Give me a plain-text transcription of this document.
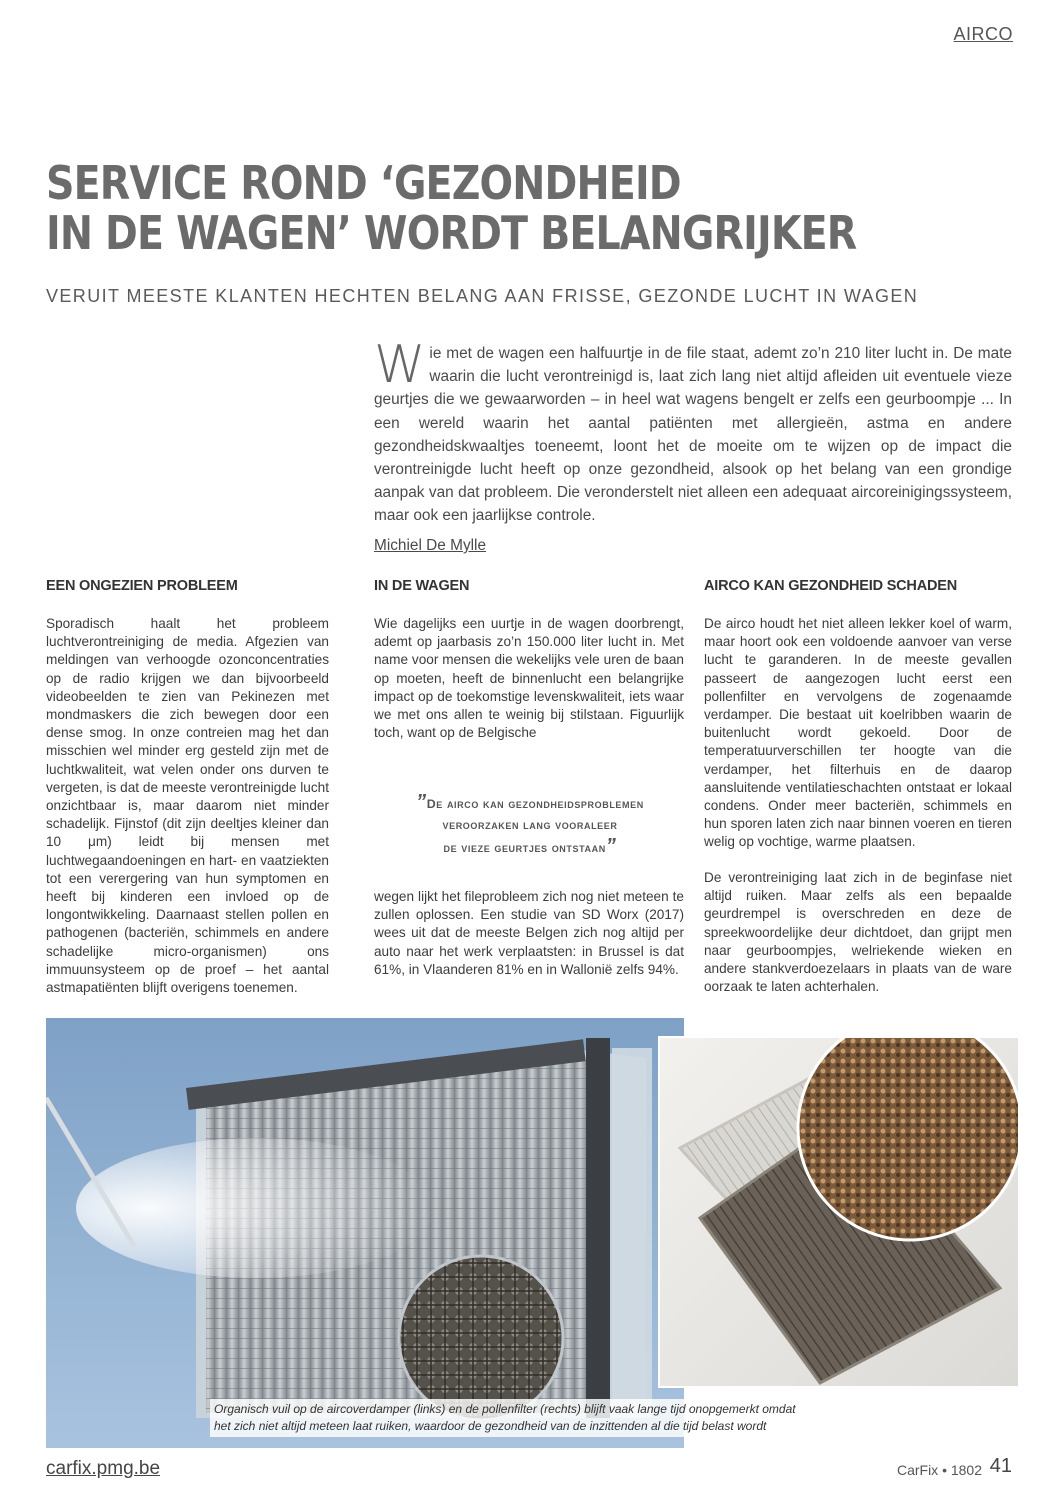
AIRCO
SERVICE ROND ‘GEZONDHEID
IN DE WAGEN’ WORDT BELANGRIJKER
VERUIT MEESTE KLANTEN HECHTEN BELANG AAN FRISSE, GEZONDE LUCHT IN WAGEN
W ie met de wagen een halfuurtje in de file staat, ademt zo’n 210 liter lucht in. De mate waarin die lucht verontreinigd is, laat zich lang niet altijd afleiden uit eventuele vieze geurtjes die we gewaarworden – in heel wat wagens bengelt er zelfs een geurboompje ... In een wereld waarin het aantal patiënten met allergieën, astma en andere gezondheidskwaaltjes toeneemt, loont het de moeite om te wijzen op de impact die verontreinigde lucht heeft op onze gezondheid, alsook op het belang van een grondige aanpak van dat probleem. Die veronderstelt niet alleen een adequaat aircoreinigingssysteem, maar ook een jaarlijkse controle.
Michiel De Mylle
EEN ONGEZIEN PROBLEEM
Sporadisch haalt het probleem luchtverontreiniging de media. Afgezien van meldingen van verhoogde ozonconcentraties op de radio krijgen we dan bijvoorbeeld videobeelden te zien van Pekinezen met mondmaskers die zich bewegen door een dense smog. In onze contreien mag het dan misschien wel minder erg gesteld zijn met de luchtkwaliteit, wat velen onder ons durven te vergeten, is dat de meeste verontreinigde lucht onzichtbaar is, maar daarom niet minder schadelijk. Fijnstof (dit zijn deeltjes kleiner dan 10 μm) leidt bij mensen met luchtwegaandoeningen en hart- en vaatziekten tot een verergering van hun symptomen en heeft bij kinderen een invloed op de longontwikkeling. Daarnaast stellen pollen en pathogenen (bacteriën, schimmels en andere schadelijke micro-organismen) ons immuunsysteem op de proef – het aantal astmapatiënten blijft overigens toenemen.
IN DE WAGEN
Wie dagelijks een uurtje in de wagen doorbrengt, ademt op jaarbasis zo’n 150.000 liter lucht in. Met name voor mensen die wekelijks vele uren de baan op moeten, heeft de binnenlucht een belangrijke impact op de toekomstige levenskwaliteit, iets waar we met ons allen te weinig bij stilstaan. Figuurlijk toch, want op de Belgische
”De airco kan gezondheidsproblemen
veroorzaken lang vooraleer
de vieze geurtjes ontstaan”
wegen lijkt het fileprobleem zich nog niet meteen te zullen oplossen. Een studie van SD Worx (2017) wees uit dat de meeste Belgen zich nog altijd per auto naar het werk verplaatsten: in Brussel is dat 61%, in Vlaanderen 81% en in Wallonië zelfs 94%.
AIRCO KAN GEZONDHEID SCHADEN
De airco houdt het niet alleen lekker koel of warm, maar hoort ook een voldoende aanvoer van verse lucht te garanderen. In de meeste gevallen passeert de aangezogen lucht eerst een pollenfilter en vervolgens de zogenaamde verdamper. Die bestaat uit koelribben waarin de buitenlucht wordt gekoeld. Door de temperatuurverschillen ter hoogte van die verdamper, het filterhuis en de daarop aansluitende ventilatieschachten ontstaat er lokaal condens. Onder meer bacteriën, schimmels en hun sporen laten zich naar binnen voeren en tieren welig op vochtige, warme plaatsen.
De verontreiniging laat zich in de beginfase niet altijd ruiken. Maar zelfs als een bepaalde geurdrempel is overschreden en deze de spreekwoordelijke deur dichtdoet, dan grijpt men naar geurboompjes, welriekende wieken en andere stankverdoezelaars in plaats van de ware oorzaak te laten achterhalen.
Organisch vuil op de aircoverdamper (links) en de pollenfilter (rechts) blijft vaak lange tijd onopgemerkt omdat
het zich niet altijd meteen laat ruiken, waardoor de gezondheid van de inzittenden al die tijd belast wordt
carfix.pmg.be	CarFix • 1802 41
